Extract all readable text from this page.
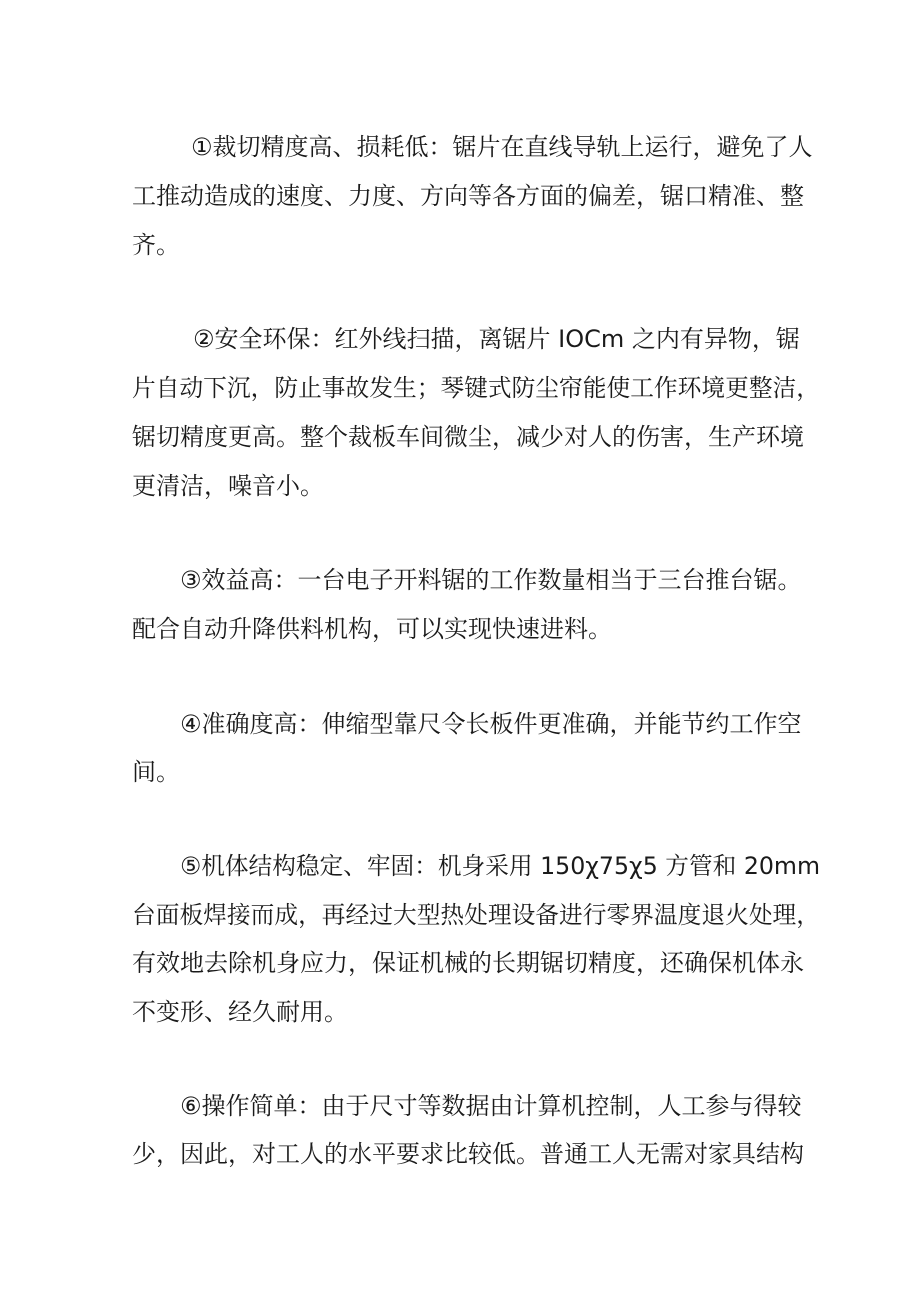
①裁切精度高、损耗低：锯片在直线导轨上运行，避免了人
工推动造成的速度、力度、方向等各方面的偏差，锯口精准、整
齐。
②安全环保：红外线扫描，离锯片 IOCm 之内有异物，锯
片自动下沉，防止事故发生；琴键式防尘帘能使工作环境更整洁，
锯切精度更高。整个裁板车间微尘，减少对人的伤害，生产环境
更清洁，噪音小。
③效益高：一台电子开料锯的工作数量相当于三台推台锯。
配合自动升降供料机构，可以实现快速进料。
④准确度高：伸缩型靠尺令长板件更准确，并能节约工作空
间。
⑤机体结构稳定、牢固：机身采用 150χ75χ5 方管和 20mm
台面板焊接而成，再经过大型热处理设备进行零界温度退火处理，
有效地去除机身应力，保证机械的长期锯切精度，还确保机体永
不变形、经久耐用。
⑥操作简单：由于尺寸等数据由计算机控制，人工参与得较
少，因此，对工人的水平要求比较低。普通工人无需对家具结构
